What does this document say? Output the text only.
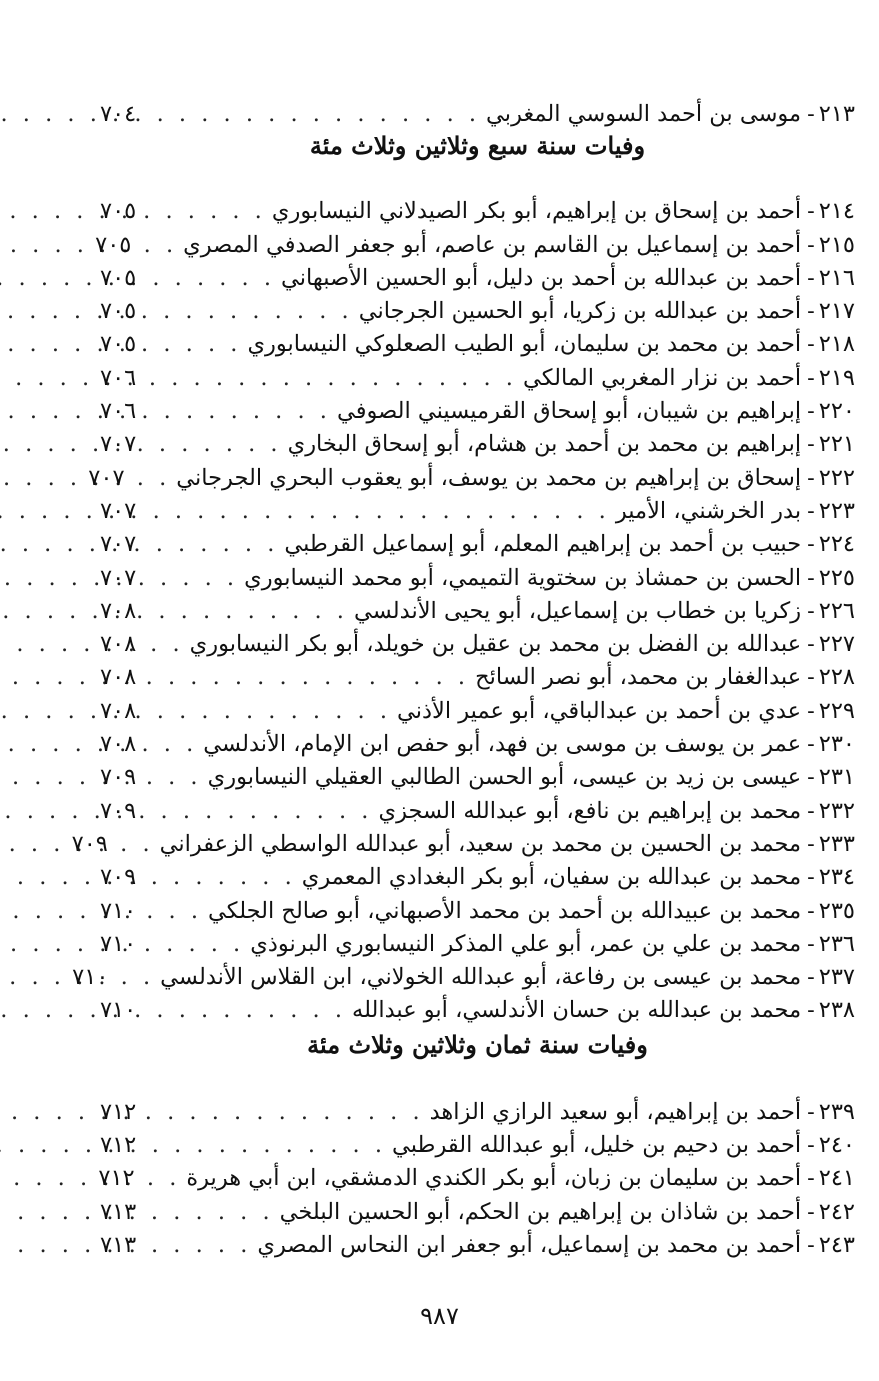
٢١٣
-
موسى بن أحمد السوسي المغربي
. . .
٧٠٤
وفيات سنة سبع وثلاثين وثلاث مئة
٢١٤
-
أحمد بن إسحاق بن إبراهيم، أبو بكر الصيدلاني النيسابوري
. . .
٧٠٥
٢١٥
-
أحمد بن إسماعيل بن القاسم بن عاصم، أبو جعفر الصدفي المصري
. . .
٧٠٥
٢١٦
-
أحمد بن عبدالله بن أحمد بن دليل، أبو الحسين الأصبهاني
. . .
٧٠٥
٢١٧
-
أحمد بن عبدالله بن زكريا، أبو الحسين الجرجاني
. . .
٧٠٥
٢١٨
-
أحمد بن محمد بن سليمان، أبو الطيب الصعلوكي النيسابوري
. . .
٧٠٥
٢١٩
-
أحمد بن نزار المغربي المالكي
. . .
٧٠٦
٢٢٠
-
إبراهيم بن شيبان، أبو إسحاق القرميسيني الصوفي
. . .
٧٠٦
٢٢١
-
إبراهيم بن محمد بن أحمد بن هشام، أبو إسحاق البخاري
. . .
٧٠٧
٢٢٢
-
إسحاق بن إبراهيم بن محمد بن يوسف، أبو يعقوب البحري الجرجاني
. . .
٧٠٧
٢٢٣
-
بدر الخرشني، الأمير
. . .
٧٠٧
٢٢٤
-
حبيب بن أحمد بن إبراهيم المعلم، أبو إسماعيل القرطبي
. . .
٧٠٧
٢٢٥
-
الحسن بن حمشاذ بن سختوية التميمي، أبو محمد النيسابوري
. . .
٧٠٧
٢٢٦
-
زكريا بن خطاب بن إسماعيل، أبو يحيى الأندلسي
. . .
٧٠٨
٢٢٧
-
عبدالله بن الفضل بن محمد بن عقيل بن خويلد، أبو بكر النيسابوري
. . .
٧٠٨
٢٢٨
-
عبدالغفار بن محمد، أبو نصر السائح
. . .
٧٠٨
٢٢٩
-
عدي بن أحمد بن عبدالباقي، أبو عمير الأذني
. . .
٧٠٨
٢٣٠
-
عمر بن يوسف بن موسى بن فهد، أبو حفص ابن الإمام، الأندلسي
. . .
٧٠٨
٢٣١
-
عيسى بن زيد بن عيسى، أبو الحسن الطالبي العقيلي النيسابوري
. . .
٧٠٩
٢٣٢
-
محمد بن إبراهيم بن نافع، أبو عبدالله السجزي
. . .
٧٠٩
٢٣٣
-
محمد بن الحسين بن محمد بن سعيد، أبو عبدالله الواسطي الزعفراني
. . .
٧٠٩
٢٣٤
-
محمد بن عبدالله بن سفيان، أبو بكر البغدادي المعمري
. . .
٧٠٩
٢٣٥
-
محمد بن عبيدالله بن أحمد بن محمد الأصبهاني، أبو صالح الجلكي
. . .
٧١٠
٢٣٦
-
محمد بن علي بن عمر، أبو علي المذكر النيسابوري البرنوذي
. . .
٧١٠
٢٣٧
-
محمد بن عيسى بن رفاعة، أبو عبدالله الخولاني، ابن القلاس الأندلسي
. . .
٧١٠
٢٣٨
-
محمد بن عبدالله بن حسان الأندلسي، أبو عبدالله
. . .
٧١٠
وفيات سنة ثمان وثلاثين وثلاث مئة
٢٣٩
-
أحمد بن إبراهيم، أبو سعيد الرازي الزاهد
. . .
٧١٢
٢٤٠
-
أحمد بن دحيم بن خليل، أبو عبدالله القرطبي
. . .
٧١٢
٢٤١
-
أحمد بن سليمان بن زبان، أبو بكر الكندي الدمشقي، ابن أبي هريرة
. . .
٧١٢
٢٤٢
-
أحمد بن شاذان بن إبراهيم بن الحكم، أبو الحسين البلخي
. . .
٧١٣
٢٤٣
-
أحمد بن محمد بن إسماعيل، أبو جعفر ابن النحاس المصري
. . .
٧١٣
٩٨٧
